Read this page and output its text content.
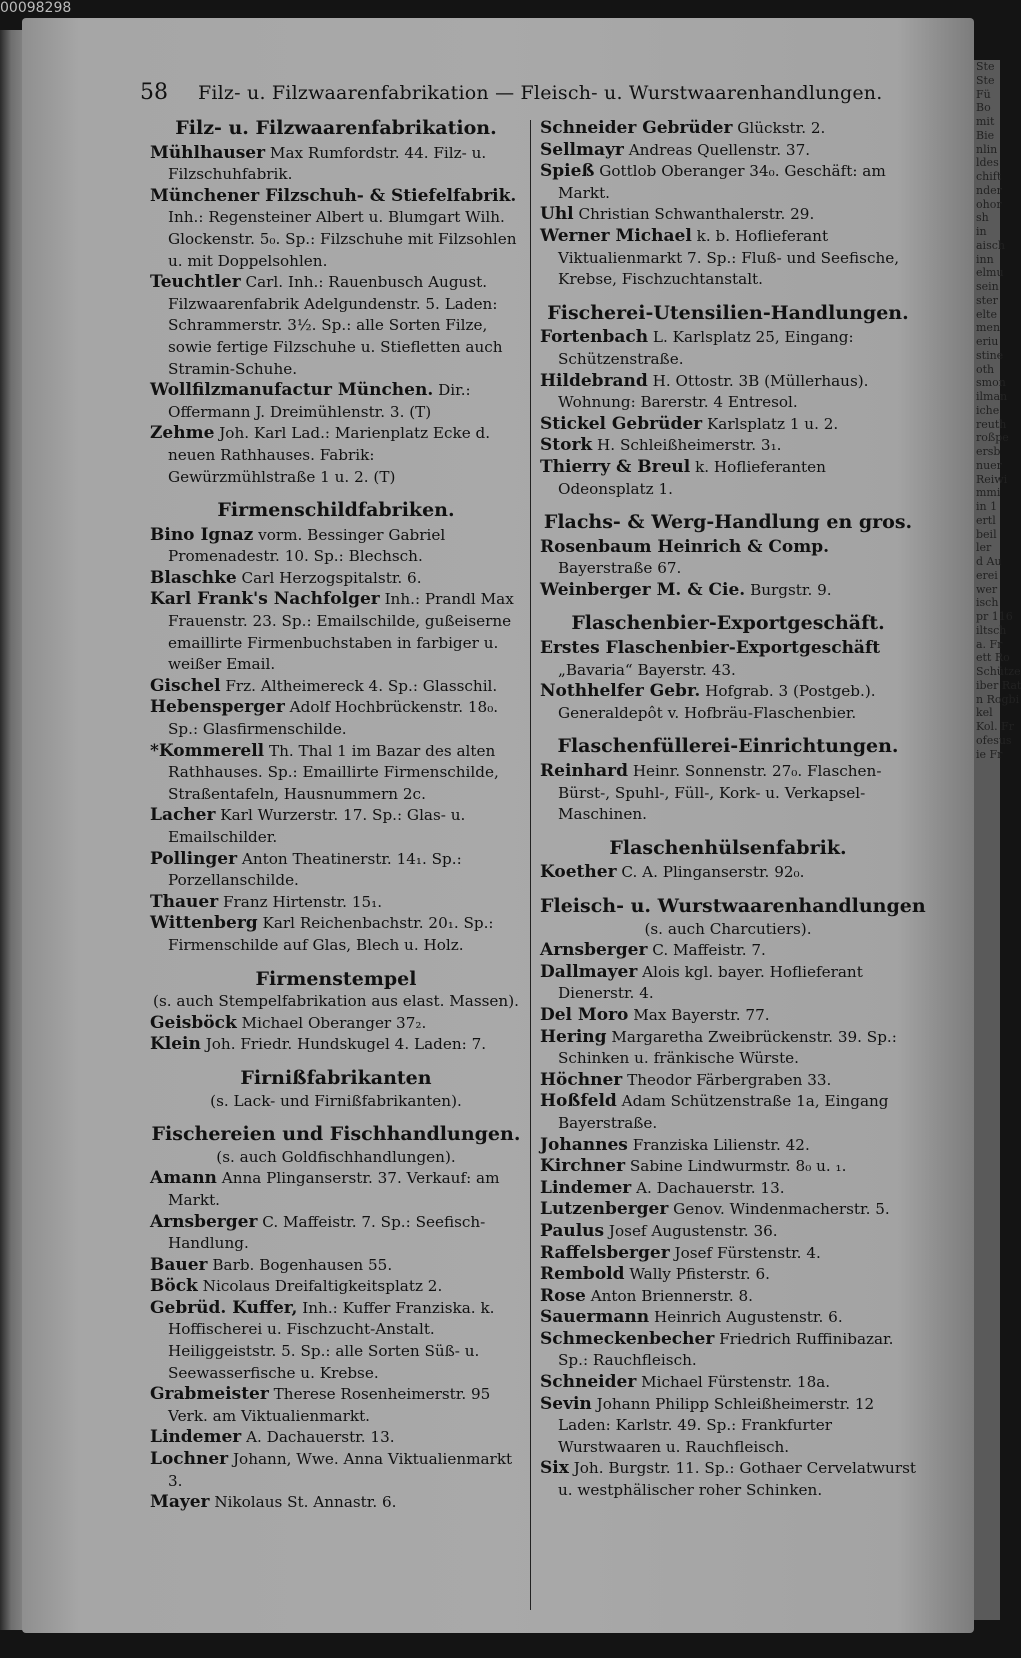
00098298
Ste
Ste
Fü
Bo
mit
Bie
nlin
ldes
chift
nder
ohor
sh
in
aisch
inn
elmu
sein
ster
elte
men
eriu
stine
oth
smon
ilman
iche
reuth
roßpe
ersb
nuer
Reiwi
mmi
in 1
ertl
beil
ler
d Au
erei
wer
isch
pr 116
iltsch
a. Fr
ett Ro
Schütze
iber Rat
n Rogbi
kel
Kol. Fr
ofesus
ie Fr
58 Filz- u. Filzwaarenfabrikation — Fleisch- u. Wurstwaarenhandlungen.
Filz- u. Filzwaarenfabrikation.
Mühlhauser Max Rumfordstr. 44. Filz- u. Filzschuhfabrik.
Münchener Filzschuh- & Stiefelfabrik. Inh.: Regensteiner Albert u. Blumgart Wilh. Glockenstr. 5₀. Sp.: Filzschuhe mit Filzsohlen u. mit Doppelsohlen.
Teuchtler Carl. Inh.: Rauenbusch August. Filzwaarenfabrik Adelgundenstr. 5. Laden: Schrammerstr. 3½. Sp.: alle Sorten Filze, sowie fertige Filzschuhe u. Stiefletten auch Stramin-Schuhe.
Wollfilzmanufactur München. Dir.: Offermann J. Dreimühlenstr. 3. (T)
Zehme Joh. Karl Lad.: Marienplatz Ecke d. neuen Rathhauses. Fabrik: Gewürzmühlstraße 1 u. 2. (T)
Firmenschildfabriken.
Bino Ignaz vorm. Bessinger Gabriel Promenadestr. 10. Sp.: Blechsch.
Blaschke Carl Herzogspitalstr. 6.
Karl Frank's Nachfolger Inh.: Prandl Max Frauenstr. 23. Sp.: Emailschilde, gußeiserne emaillirte Firmenbuchstaben in farbiger u. weißer Email.
Gischel Frz. Altheimereck 4. Sp.: Glasschil.
Hebensperger Adolf Hochbrückenstr. 18₀. Sp.: Glasfirmenschilde.
*Kommerell Th. Thal 1 im Bazar des alten Rathhauses. Sp.: Emaillirte Firmenschilde, Straßentafeln, Hausnummern 2c.
Lacher Karl Wurzerstr. 17. Sp.: Glas- u. Emailschilder.
Pollinger Anton Theatinerstr. 14₁. Sp.: Porzellanschilde.
Thauer Franz Hirtenstr. 15₁.
Wittenberg Karl Reichenbachstr. 20₁. Sp.: Firmenschilde auf Glas, Blech u. Holz.
Firmenstempel
(s. auch Stempelfabrikation aus elast. Massen).
Geisböck Michael Oberanger 37₂.
Klein Joh. Friedr. Hundskugel 4. Laden: 7.
Firnißfabrikanten
(s. Lack- und Firnißfabrikanten).
Fischereien und Fischhandlungen.
(s. auch Goldfischhandlungen).
Amann Anna Plinganserstr. 37. Verkauf: am Markt.
Arnsberger C. Maffeistr. 7. Sp.: Seefisch-Handlung.
Bauer Barb. Bogenhausen 55.
Böck Nicolaus Dreifaltigkeitsplatz 2.
Gebrüd. Kuffer, Inh.: Kuffer Franziska. k. Hoffischerei u. Fischzucht-Anstalt. Heiliggeiststr. 5. Sp.: alle Sorten Süß- u. Seewasserfische u. Krebse.
Grabmeister Therese Rosenheimerstr. 95 Verk. am Viktualienmarkt.
Lindemer A. Dachauerstr. 13.
Lochner Johann, Wwe. Anna Viktualienmarkt 3.
Mayer Nikolaus St. Annastr. 6.
Schneider Gebrüder Glückstr. 2.
Sellmayr Andreas Quellenstr. 37.
Spieß Gottlob Oberanger 34₀. Geschäft: am Markt.
Uhl Christian Schwanthalerstr. 29.
Werner Michael k. b. Hoflieferant Viktualienmarkt 7. Sp.: Fluß- und Seefische, Krebse, Fischzuchtanstalt.
Fischerei-Utensilien-Handlungen.
Fortenbach L. Karlsplatz 25, Eingang: Schützenstraße.
Hildebrand H. Ottostr. 3B (Müllerhaus). Wohnung: Barerstr. 4 Entresol.
Stickel Gebrüder Karlsplatz 1 u. 2.
Stork H. Schleißheimerstr. 3₁.
Thierry & Breul k. Hoflieferanten Odeonsplatz 1.
Flachs- & Werg-Handlung en gros.
Rosenbaum Heinrich & Comp. Bayerstraße 67.
Weinberger M. & Cie. Burgstr. 9.
Flaschenbier-Exportgeschäft.
Erstes Flaschenbier-Exportgeschäft „Bavaria“ Bayerstr. 43.
Nothhelfer Gebr. Hofgrab. 3 (Postgeb.). Generaldepôt v. Hofbräu-Flaschenbier.
Flaschenfüllerei-Einrichtungen.
Reinhard Heinr. Sonnenstr. 27₀. Flaschen-Bürst-, Spuhl-, Füll-, Kork- u. Verkapsel-Maschinen.
Flaschenhülsenfabrik.
Koether C. A. Plinganserstr. 92₀.
Fleisch- u. Wurstwaarenhandlungen
(s. auch Charcutiers).
Arnsberger C. Maffeistr. 7.
Dallmayer Alois kgl. bayer. Hoflieferant Dienerstr. 4.
Del Moro Max Bayerstr. 77.
Hering Margaretha Zweibrückenstr. 39. Sp.: Schinken u. fränkische Würste.
Höchner Theodor Färbergraben 33.
Hoßfeld Adam Schützenstraße 1a, Eingang Bayerstraße.
Johannes Franziska Lilienstr. 42.
Kirchner Sabine Lindwurmstr. 8₀ u. ₁.
Lindemer A. Dachauerstr. 13.
Lutzenberger Genov. Windenmacherstr. 5.
Paulus Josef Augustenstr. 36.
Raffelsberger Josef Fürstenstr. 4.
Rembold Wally Pfisterstr. 6.
Rose Anton Briennerstr. 8.
Sauermann Heinrich Augustenstr. 6.
Schmeckenbecher Friedrich Ruffinibazar. Sp.: Rauchfleisch.
Schneider Michael Fürstenstr. 18a.
Sevin Johann Philipp Schleißheimerstr. 12 Laden: Karlstr. 49. Sp.: Frankfurter Wurstwaaren u. Rauchfleisch.
Six Joh. Burgstr. 11. Sp.: Gothaer Cervelatwurst u. westphälischer roher Schinken.
